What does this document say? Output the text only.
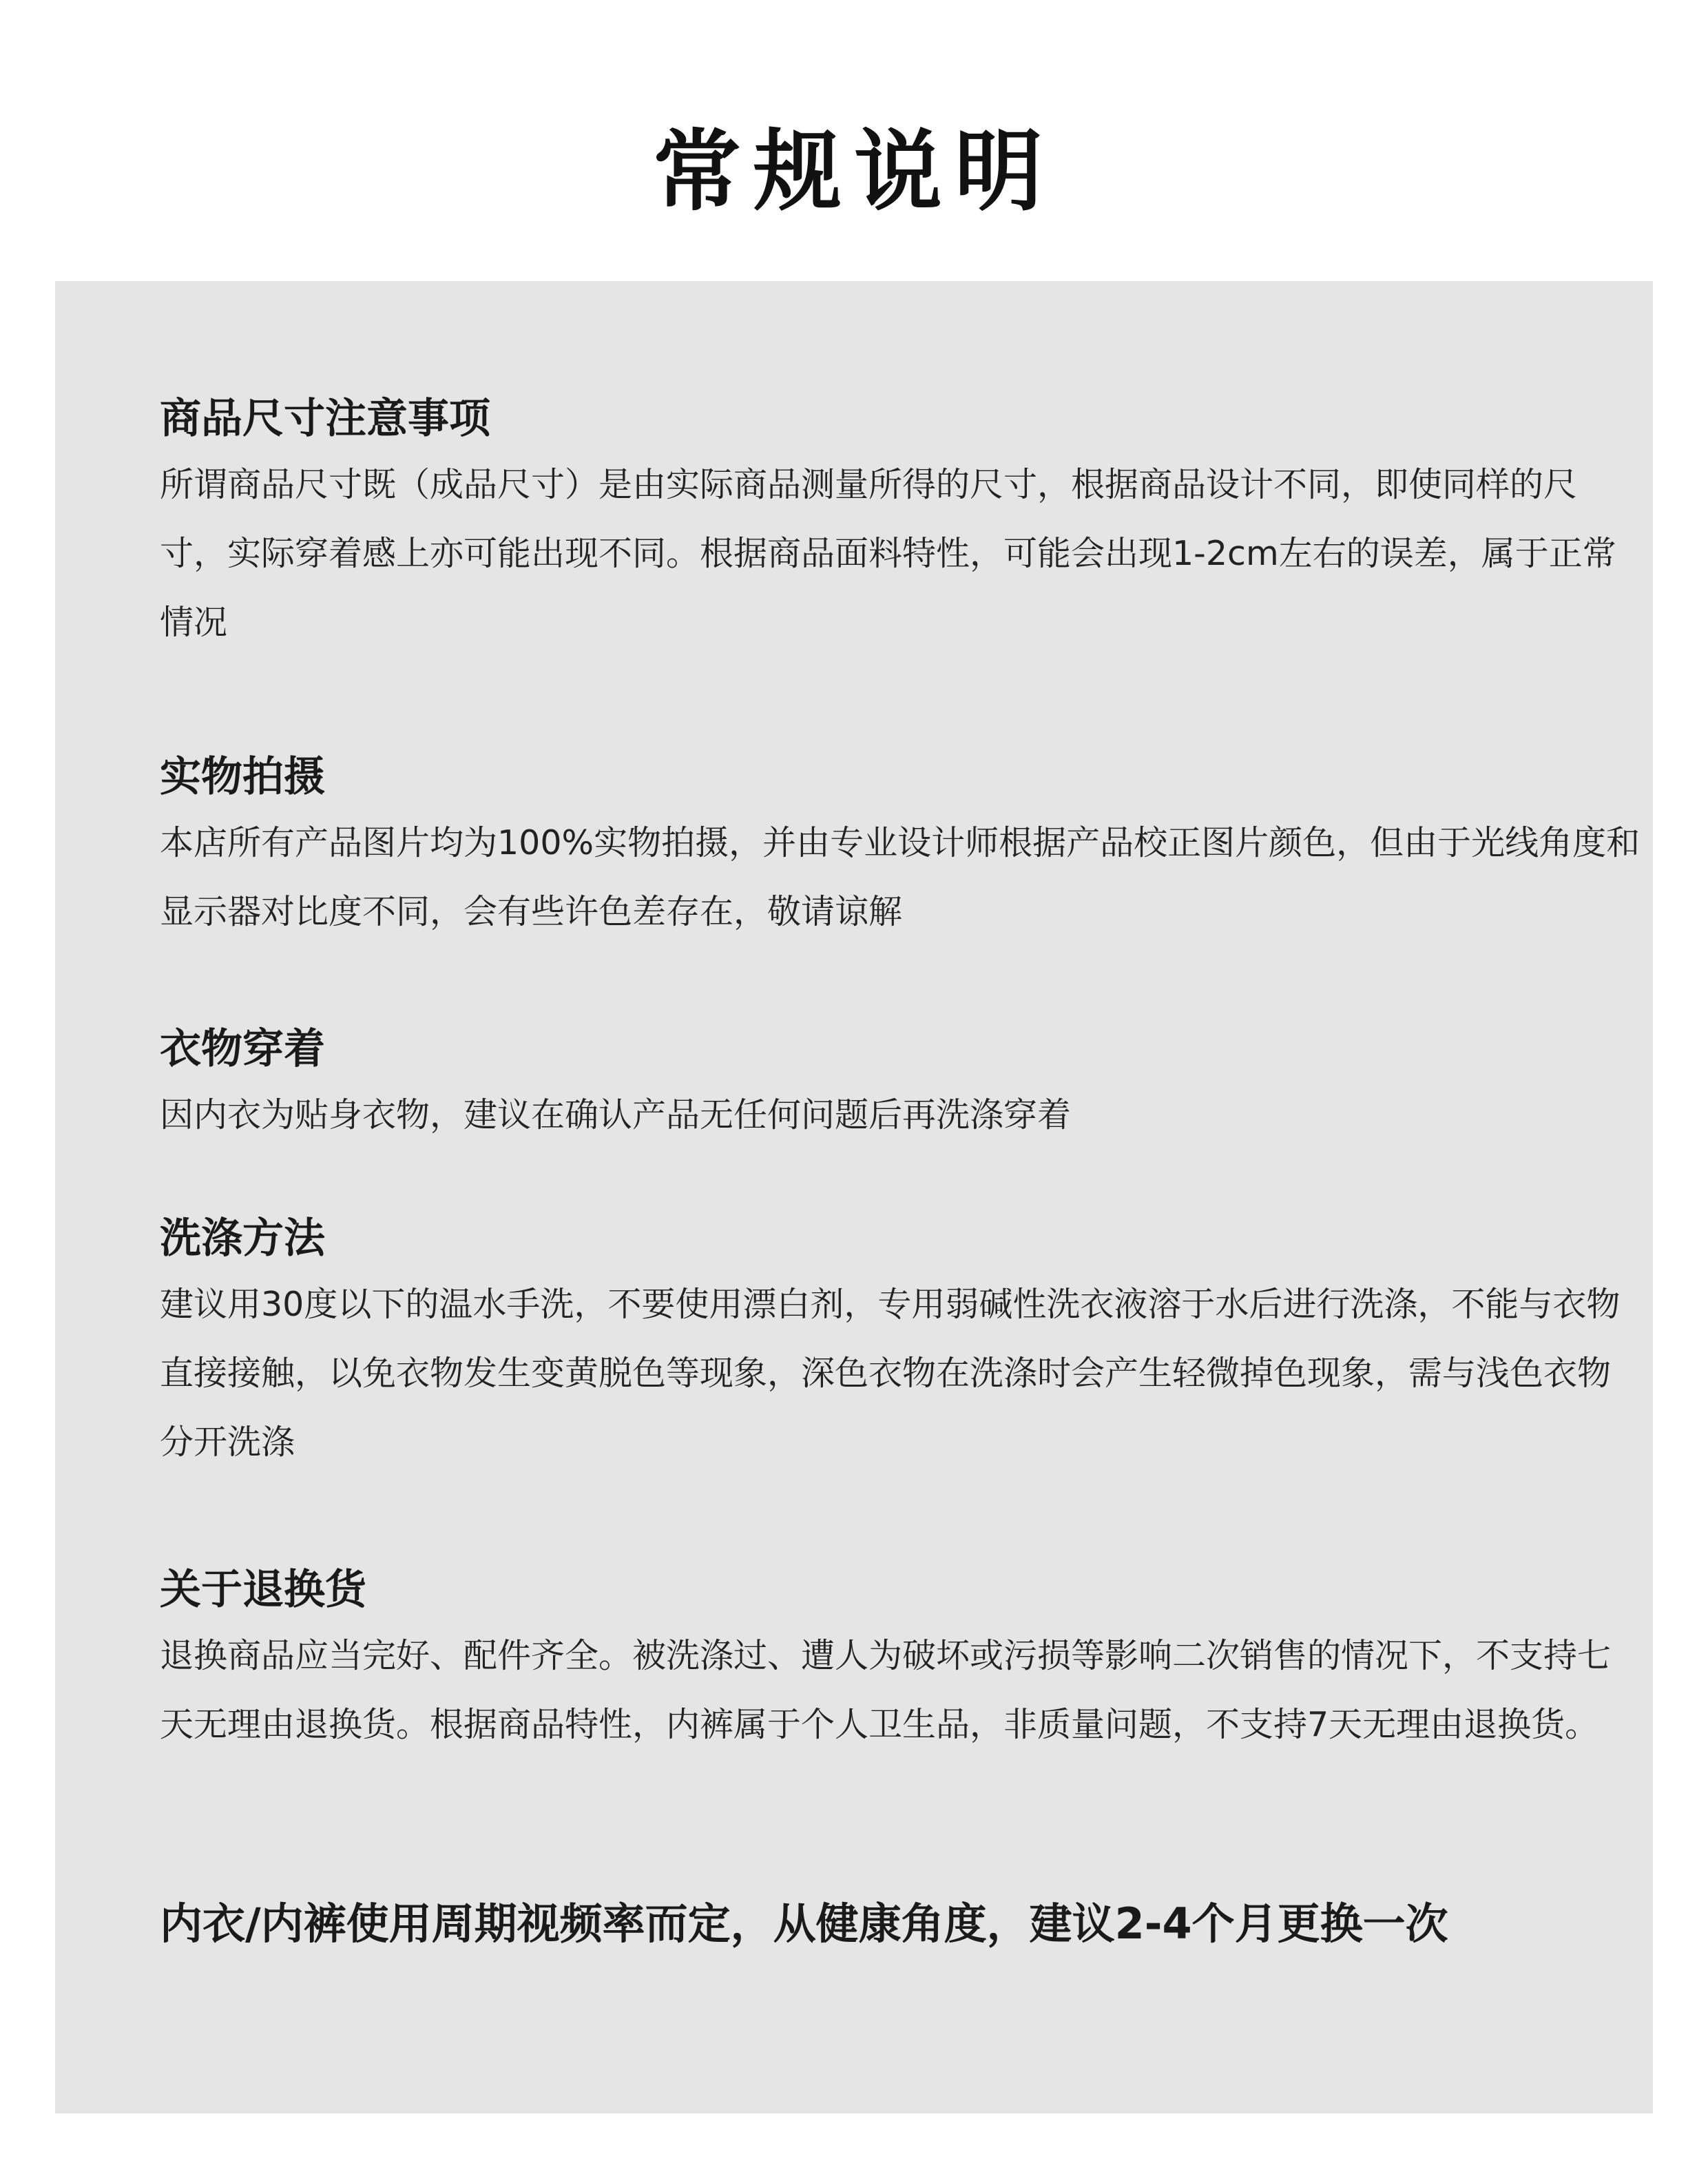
常规说明
商品尺寸注意事项

所谓商品尺寸既（成品尺寸）是由实际商品测量所得的尺寸，根据商品设计不同，即使同样的尺寸，实际穿着感上亦可能出现不同。根据商品面料特性，可能会出现1-2cm左右的误差，属于正常情况

实物拍摄

本店所有产品图片均为100%实物拍摄，并由专业设计师根据产品校正图片颜色，但由于光线角度和显示器对比度不同，会有些许色差存在，敬请谅解

衣物穿着

因内衣为贴身衣物，建议在确认产品无任何问题后再洗涤穿着

洗涤方法

建议用30度以下的温水手洗，不要使用漂白剂，专用弱碱性洗衣液溶于水后进行洗涤，不能与衣物直接接触，以免衣物发生变黄脱色等现象，深色衣物在洗涤时会产生轻微掉色现象，需与浅色衣物分开洗涤

关于退换货

退换商品应当完好、配件齐全。被洗涤过、遭人为破坏或污损等影响二次销售的情况下，不支持七天无理由退换货。根据商品特性，内裤属于个人卫生品，非质量问题，不支持7天无理由退换货。

内衣/内裤使用周期视频率而定，从健康角度，建议2-4个月更换一次
